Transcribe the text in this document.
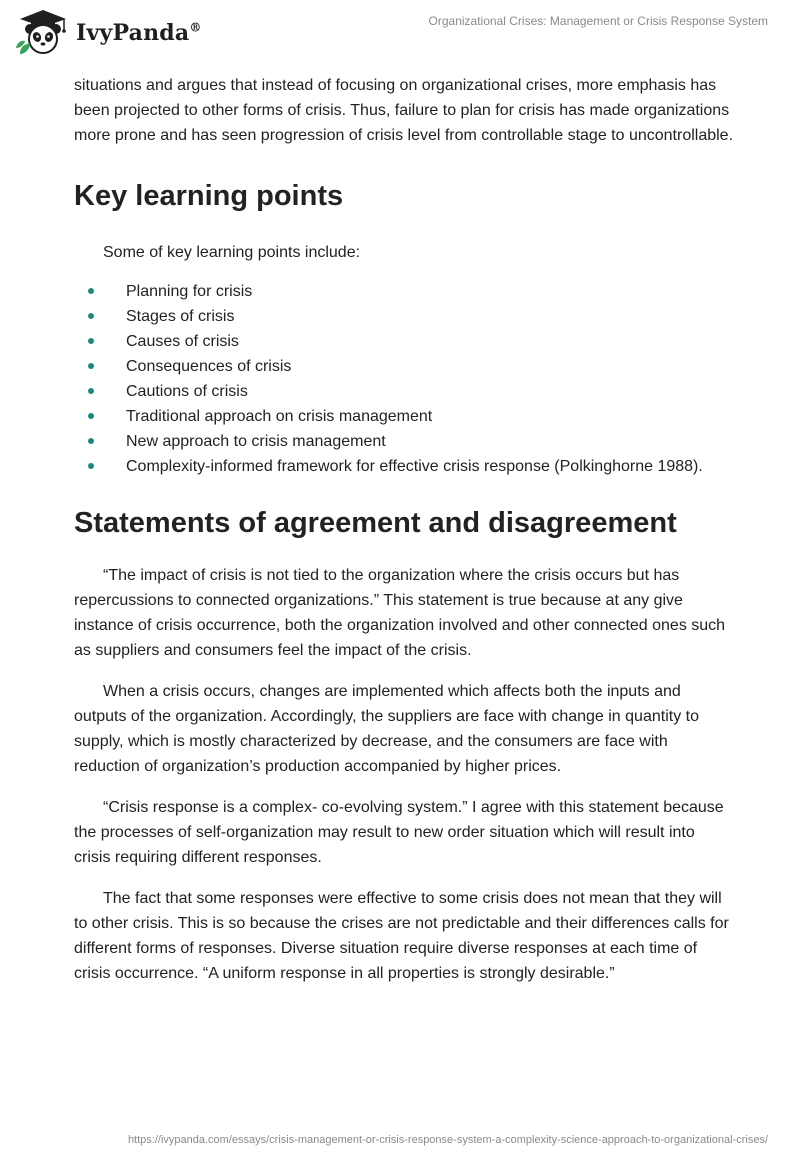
IvyPanda®	Organizational Crises: Management or Crisis Response System

situations and argues that instead of focusing on organizational crises, more emphasis has been projected to other forms of crisis. Thus, failure to plan for crisis has made organizations more prone and has seen progression of crisis level from controllable stage to uncontrollable.

Key learning points

Some of key learning points include:

Planning for crisis
Stages of crisis
Causes of crisis
Consequences of crisis
Cautions of crisis
Traditional approach on crisis management
New approach to crisis management
Complexity-informed framework for effective crisis response (Polkinghorne 1988).
Statements of agreement and disagreement

“The impact of crisis is not tied to the organization where the crisis occurs but has repercussions to connected organizations.” This statement is true because at any give instance of crisis occurrence, both the organization involved and other connected ones such as suppliers and consumers feel the impact of the crisis.

When a crisis occurs, changes are implemented which affects both the inputs and outputs of the organization. Accordingly, the suppliers are face with change in quantity to supply, which is mostly characterized by decrease, and the consumers are face with reduction of organization’s production accompanied by higher prices.

“Crisis response is a complex- co-evolving system.” I agree with this statement because the processes of self-organization may result to new order situation which will result into crisis requiring different responses.

The fact that some responses were effective to some crisis does not mean that they will to other crisis. This is so because the crises are not predictable and their differences calls for different forms of responses. Diverse situation require diverse responses at each time of crisis occurrence. “A uniform response in all properties is strongly desirable.”

https://ivypanda.com/essays/crisis-management-or-crisis-response-system-a-complexity-science-approach-to-organizational-crises/
